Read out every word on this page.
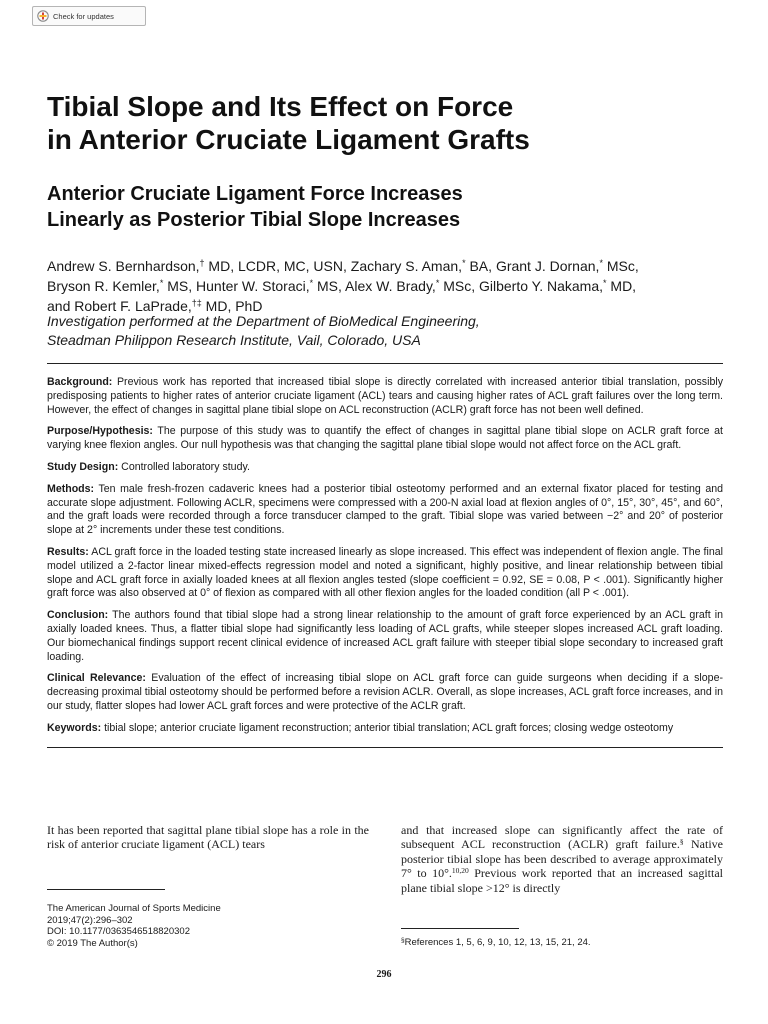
Check for updates
Tibial Slope and Its Effect on Force
in Anterior Cruciate Ligament Grafts
Anterior Cruciate Ligament Force Increases
Linearly as Posterior Tibial Slope Increases
Andrew S. Bernhardson,† MD, LCDR, MC, USN, Zachary S. Aman,* BA, Grant J. Dornan,* MSc,
Bryson R. Kemler,* MS, Hunter W. Storaci,* MS, Alex W. Brady,* MSc, Gilberto Y. Nakama,* MD,
and Robert F. LaPrade,†‡ MD, PhD
Investigation performed at the Department of BioMedical Engineering,
Steadman Philippon Research Institute, Vail, Colorado, USA

Background: Previous work has reported that increased tibial slope is directly correlated with increased anterior tibial translation, possibly predisposing patients to higher rates of anterior cruciate ligament (ACL) tears and causing higher rates of ACL graft failures over the long term. However, the effect of changes in sagittal plane tibial slope on ACL reconstruction (ACLR) graft force has not been well defined.

Purpose/Hypothesis: The purpose of this study was to quantify the effect of changes in sagittal plane tibial slope on ACLR graft force at varying knee flexion angles. Our null hypothesis was that changing the sagittal plane tibial slope would not affect force on the ACL graft.

Study Design: Controlled laboratory study.

Methods: Ten male fresh-frozen cadaveric knees had a posterior tibial osteotomy performed and an external fixator placed for testing and accurate slope adjustment. Following ACLR, specimens were compressed with a 200-N axial load at flexion angles of 0°, 15°, 30°, 45°, and 60°, and the graft loads were recorded through a force transducer clamped to the graft. Tibial slope was varied between −2° and 20° of posterior slope at 2° increments under these test conditions.

Results: ACL graft force in the loaded testing state increased linearly as slope increased. This effect was independent of flexion angle. The final model utilized a 2-factor linear mixed-effects regression model and noted a significant, highly positive, and linear relationship between tibial slope and ACL graft force in axially loaded knees at all flexion angles tested (slope coefficient = 0.92, SE = 0.08, P < .001). Significantly higher graft force was also observed at 0° of flexion as compared with all other flexion angles for the loaded condition (all P < .001).

Conclusion: The authors found that tibial slope had a strong linear relationship to the amount of graft force experienced by an ACL graft in axially loaded knees. Thus, a flatter tibial slope had significantly less loading of ACL grafts, while steeper slopes increased ACL graft loading. Our biomechanical findings support recent clinical evidence of increased ACL graft failure with steeper tibial slope secondary to increased graft loading.

Clinical Relevance: Evaluation of the effect of increasing tibial slope on ACL graft force can guide surgeons when deciding if a slope-decreasing proximal tibial osteotomy should be performed before a revision ACLR. Overall, as slope increases, ACL graft force increases, and in our study, flatter slopes had lower ACL graft forces and were protective of the ACLR graft.

Keywords: tibial slope; anterior cruciate ligament reconstruction; anterior tibial translation; ACL graft forces; closing wedge osteotomy

It has been reported that sagittal plane tibial slope has a role in the risk of anterior cruciate ligament (ACL) tears
and that increased slope can significantly affect the rate of subsequent ACL reconstruction (ACLR) graft failure.§ Native posterior tibial slope has been described to average approximately 7° to 10°.$^{10,20}$ Previous work reported that an increased sagittal plane tibial slope >12° is directly
The American Journal of Sports Medicine
2019;47(2):296–302
DOI: 10.1177/0363546518820302
© 2019 The Author(s)	§References 1, 5, 6, 9, 10, 12, 13, 15, 21, 24.
296
